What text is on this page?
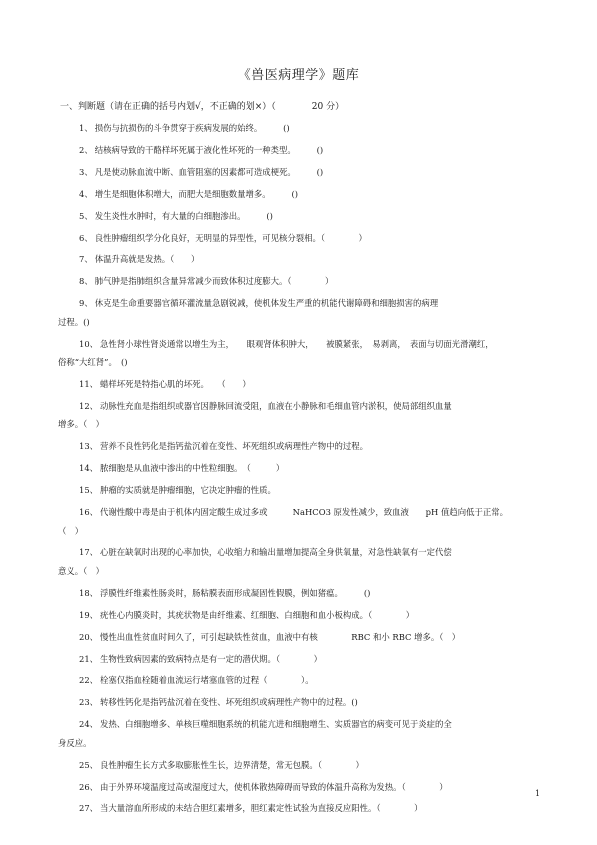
《兽医病理学》题库
一、判断题（请在正确的括号内划√，不正确的划×）（	20 分）
1、 损伤与抗损伤的斗争贯穿于疾病发展的始终。　　　()
2、 结核病导致的干酪样坏死属于液化性坏死的一种类型。　　　()
3、 凡是使动脉血流中断、血管阻塞的因素都可造成梗死。　　　()
4、 增生是细胞体积增大，而肥大是细胞数量增多。　　　()
5、 发生炎性水肿时，有大量的白细胞渗出。　　　()
6、 良性肿瘤组织学分化良好，无明显的异型性，可见核分裂相。（　　　　）
7、 体温升高就是发热。（　　）
8、 肺气肿是指肺组织含量异常减少而致体积过度膨大。（　　　　）
9、 休克是生命重要器官循环灌流量急剧锐减，使机体发生严重的机能代谢障碍和细胞损害的病理
过程。()
10、 急性肾小球性肾炎通常以增生为主，　　眼观肾体积肿大，　　被膜紧张，　易剥离，　表面与切面光滑潮红，
俗称“大红肾”。　()
11、 蜡样坏死是特指心肌的坏死。　　（　　）
12、 动脉性充血是指组织或器官因静脉回流受阻，血液在小静脉和毛细血管内淤积，使局部组织血量
增多。（　）
13、 营养不良性钙化是指钙盐沉着在变性、坏死组织或病理性产物中的过程。
14、 脓细胞是从血液中渗出的中性粒细胞。　（　　　）
15、 肿瘤的实质就是肿瘤细胞，它决定肿瘤的性质。
16、 代谢性酸中毒是由于机体内固定酸生成过多或　　　NaHCO3 原发性减少，致血液　　pH 值趋向低于正常。
（　）
17、 心脏在缺氧时出现的心率加快，心收缩力和输出量增加提高全身供氧量，对急性缺氧有一定代偿
意义。（　）
18、 浮膜性纤维素性肠炎时，肠粘膜表面形成凝固性假膜，例如猪瘟。　　　()
19、 疣性心内膜炎时，其疣状物是由纤维素、红细胞、白细胞和血小板构成。（　　　　）
20、 慢性出血性贫血时间久了，可引起缺铁性贫血，血液中有核　　　　RBC 和小 RBC 增多。（　）
21、 生物性致病因素的致病特点是有一定的潜伏期。（　　　　）
22、 栓塞仅指血栓随着血流运行堵塞血管的过程（　　　　）。
23、 转移性钙化是指钙盐沉着在变性、坏死组织或病理性产物中的过程。()
24、 发热、白细胞增多、单核巨噬细胞系统的机能亢进和细胞增生、实质器官的病变可见于炎症的全
身反应。
25、 良性肿瘤生长方式多取膨胀性生长，边界清楚，常无包膜。（　　　　）
26、 由于外界环境温度过高或湿度过大，使机体散热障碍而导致的体温升高称为发热。（　　　　）
27、 当大量溶血所形成的未结合胆红素增多，胆红素定性试验为直接反应阳性。（　　　　）
1
